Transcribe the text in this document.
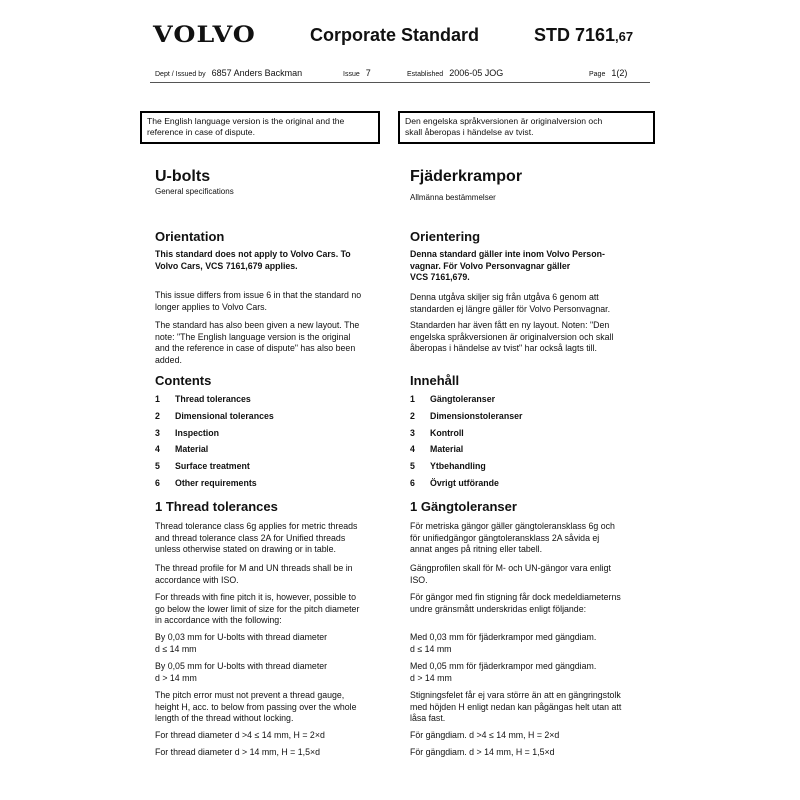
VOLVO	Corporate Standard	STD 7161,67
Dept / Issued by 6857 Anders Backman	Issue 7	Established 2006-05 JOG	Page 1(2)
The English language version is the original and the
reference in case of dispute.
Den engelska språkversionen är originalversion och
skall åberopas i händelse av tvist.
U-bolts
General specifications
Orientation
This standard does not apply to Volvo Cars. To
Volvo Cars, VCS 7161,679 applies.
This issue differs from issue 6 in that the standard no
longer applies to Volvo Cars.
The standard has also been given a new layout. The
note: "The English language version is the original
and the reference in case of dispute" has also been
added.
Contents
1 Thread tolerances
2 Dimensional tolerances
3 Inspection
4 Material
5 Surface treatment
6 Other requirements
1 Thread tolerances
Thread tolerance class 6g applies for metric threads
and thread tolerance class 2A for Unified threads
unless otherwise stated on drawing or in table.
The thread profile for M and UN threads shall be in
accordance with ISO.
For threads with fine pitch it is, however, possible to
go below the lower limit of size for the pitch diameter
in accordance with the following:
By 0,03 mm for U-bolts with thread diameter
d ≤ 14 mm
By 0,05 mm for U-bolts with thread diameter
d > 14 mm
The pitch error must not prevent a thread gauge,
height H, acc. to below from passing over the whole
length of the thread without locking.
For thread diameter d >4 ≤ 14 mm, H = 2×d
For thread diameter d > 14 mm, H = 1,5×d
Fjäderkrampor
Allmänna bestämmelser
Orientering
Denna standard gäller inte inom Volvo Person-
vagnar. För Volvo Personvagnar gäller
VCS 7161,679.
Denna utgåva skiljer sig från utgåva 6 genom att
standarden ej längre gäller för Volvo Personvagnar.
Standarden har även fått en ny layout. Noten: "Den
engelska språkversionen är originalversion och skall
åberopas i händelse av tvist" har också lagts till.
Innehåll
1 Gängtoleranser
2 Dimensionstoleranser
3 Kontroll
4 Material
5 Ytbehandling
6 Övrigt utförande
1 Gängtoleranser
För metriska gängor gäller gängtoleransklass 6g och
för unifiedgängor gängtoleransklass 2A såvida ej
annat anges på ritning eller tabell.
Gängprofilen skall för M- och UN-gängor vara enligt
ISO.
För gängor med fin stigning får dock medeldiameterns
undre gränsmått underskridas enligt följande:
Med 0,03 mm för fjäderkrampor med gängdiam.
d ≤ 14 mm
Med 0,05 mm för fjäderkrampor med gängdiam.
d > 14 mm
Stigningsfelet får ej vara större än att en gängringstolk
med höjden H enligt nedan kan pågängas helt utan att
låsa fast.
För gängdiam. d >4 ≤ 14 mm, H = 2×d
För gängdiam. d > 14 mm, H = 1,5×d
